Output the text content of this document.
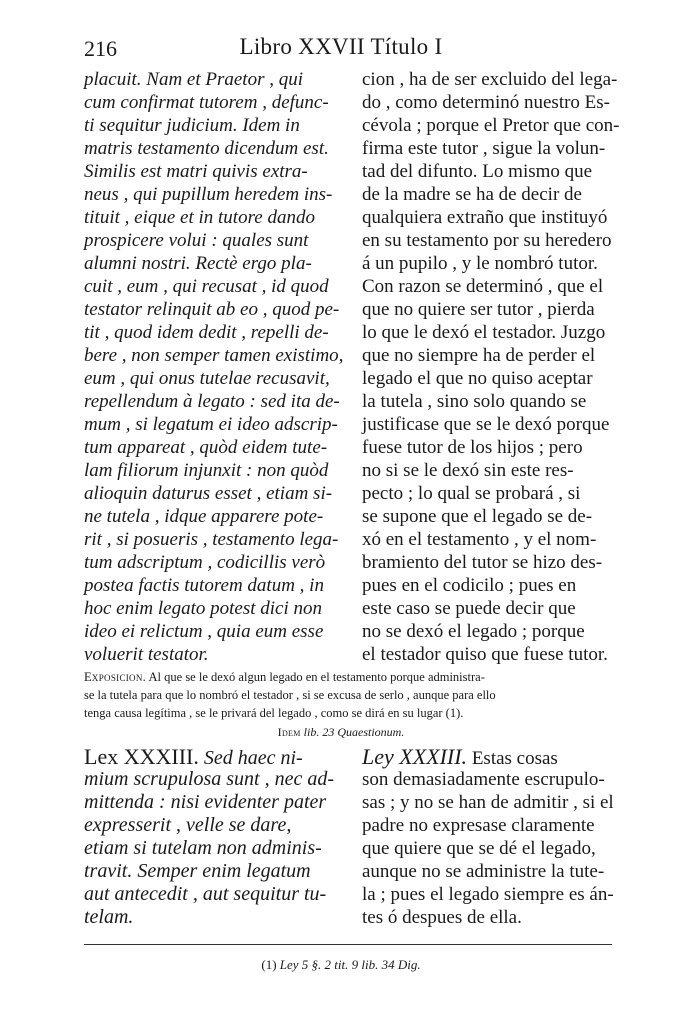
216	Libro XXVII Título I
placuit. Nam et Praetor , qui
cum confirmat tutorem , defunc-
ti sequitur judicium. Idem in
matris testamento dicendum est.
Similis est matri quivis extra-
neus , qui pupillum heredem ins-
tituit , eique et in tutore dando
prospicere volui : quales sunt
alumni nostri. Rectè ergo pla-
cuit , eum , qui recusat , id quod
testator relinquit ab eo , quod pe-
tit , quod idem dedit , repelli de-
bere , non semper tamen existimo,
eum , qui onus tutelae recusavit,
repellendum à legato : sed ita de-
mum , si legatum ei ideo adscrip-
tum appareat , quòd eidem tute-
lam filiorum injunxit : non quòd
alioquin daturus esset , etiam si-
ne tutela , idque apparere pote-
rit , si posueris , testamento lega-
tum adscriptum , codicillis verò
postea factis tutorem datum , in
hoc enim legato potest dici non
ideo ei relictum , quia eum esse
voluerit testator.
cion , ha de ser excluido del lega-
do , como determinó nuestro Es-
cévola ; porque el Pretor que con-
firma este tutor , sigue la volun-
tad del difunto. Lo mismo que
de la madre se ha de decir de
qualquiera extraño que instituyó
en su testamento por su heredero
á un pupilo , y le nombró tutor.
Con razon se determinó , que el
que no quiere ser tutor , pierda
lo que le dexó el testador. Juzgo
que no siempre ha de perder el
legado el que no quiso aceptar
la tutela , sino solo quando se
justificase que se le dexó porque
fuese tutor de los hijos ; pero
no si se le dexó sin este res-
pecto ; lo qual se probará , si
se supone que el legado se de-
xó en el testamento , y el nom-
bramiento del tutor se hizo des-
pues en el codicilo ; pues en
este caso se puede decir que
no se dexó el legado ; porque
el testador quiso que fuese tutor.
Exposicion. Al que se le dexó algun legado en el testamento porque administra-
se la tutela para que lo nombró el testador , si se excusa de serlo , aunque para ello
tenga causa legítima , se le privará del legado , como se dirá en su lugar (1).
Idem lib. 23 Quaestionum.
Lex XXXIII. Sed haec ni-
mium scrupulosa sunt , nec ad-
mittenda : nisi evidenter pater
expresserit , velle se dare,
etiam si tutelam non adminis-
travit. Semper enim legatum
aut antecedit , aut sequitur tu-
telam.
Ley XXXIII. Estas cosas
son demasiadamente escrupulo-
sas ; y no se han de admitir , si el
padre no expresase claramente
que quiere que se dé el legado,
aunque no se administre la tute-
la ; pues el legado siempre es án-
tes ó despues de ella.
(1) Ley 5 §. 2 tit. 9 lib. 34 Dig.
